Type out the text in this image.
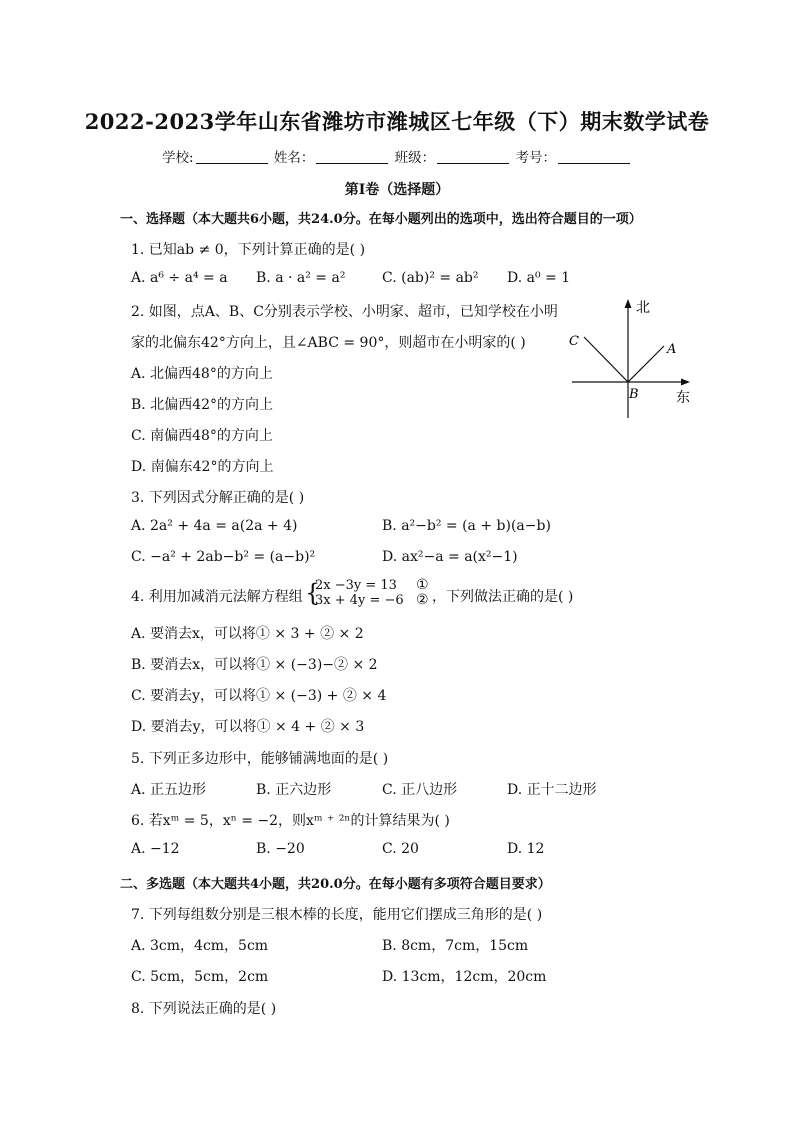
2022-2023学年山东省潍坊市潍城区七年级（下）期末数学试卷
学校:	姓名：	班级：	考号：
第I卷（选择题）
一、选择题（本大题共6小题，共24.0分。在每小题列出的选项中，选出符合题目的一项）
1. 已知ab ≠ 0，下列计算正确的是( )
A. a⁶ ÷ a⁴ = a B. a · a² = a²	C. (ab)² = ab² D. a⁰ = 1
2. 如图，点A、B、C分别表示学校、小明家、超市，已知学校在小明
家的北偏东42°方向上，且∠ABC = 90°，则超市在小明家的( )
A. 北偏西48°的方向上
B. 北偏西42°的方向上
C. 南偏西48°的方向上
D. 南偏东42°的方向上
北
东
A
B
C
3. 下列因式分解正确的是( )
A. 2a² + 4a = a(2a + 4)	B. a²−b² = (a + b)(a−b)
C. −a² + 2ab−b² = (a−b)²	D. ax²−a = a(x²−1)
4. 利用加减消元法解方程组 {
2x −3y = 13
3x + 4y = −6
①
② ，下列做法正确的是( )
A. 要消去x，可以将① × 3 + ② × 2
B. 要消去x，可以将① × (−3)−② × 2
C. 要消去y，可以将① × (−3) + ② × 4
D. 要消去y，可以将① × 4 + ② × 3
5. 下列正多边形中，能够铺满地面的是( )
A. 正五边形	B. 正六边形	C. 正八边形	D. 正十二边形
6. 若xᵐ = 5，xⁿ = −2，则xᵐ ⁺ ²ⁿ的计算结果为( )
A. −12	B. −20	C. 20	D. 12
二、多选题（本大题共4小题，共20.0分。在每小题有多项符合题目要求）
7. 下列每组数分别是三根木棒的长度，能用它们摆成三角形的是( )
A. 3cm，4cm，5cm	B. 8cm，7cm，15cm
C. 5cm，5cm，2cm	D. 13cm，12cm，20cm
8. 下列说法正确的是( )
